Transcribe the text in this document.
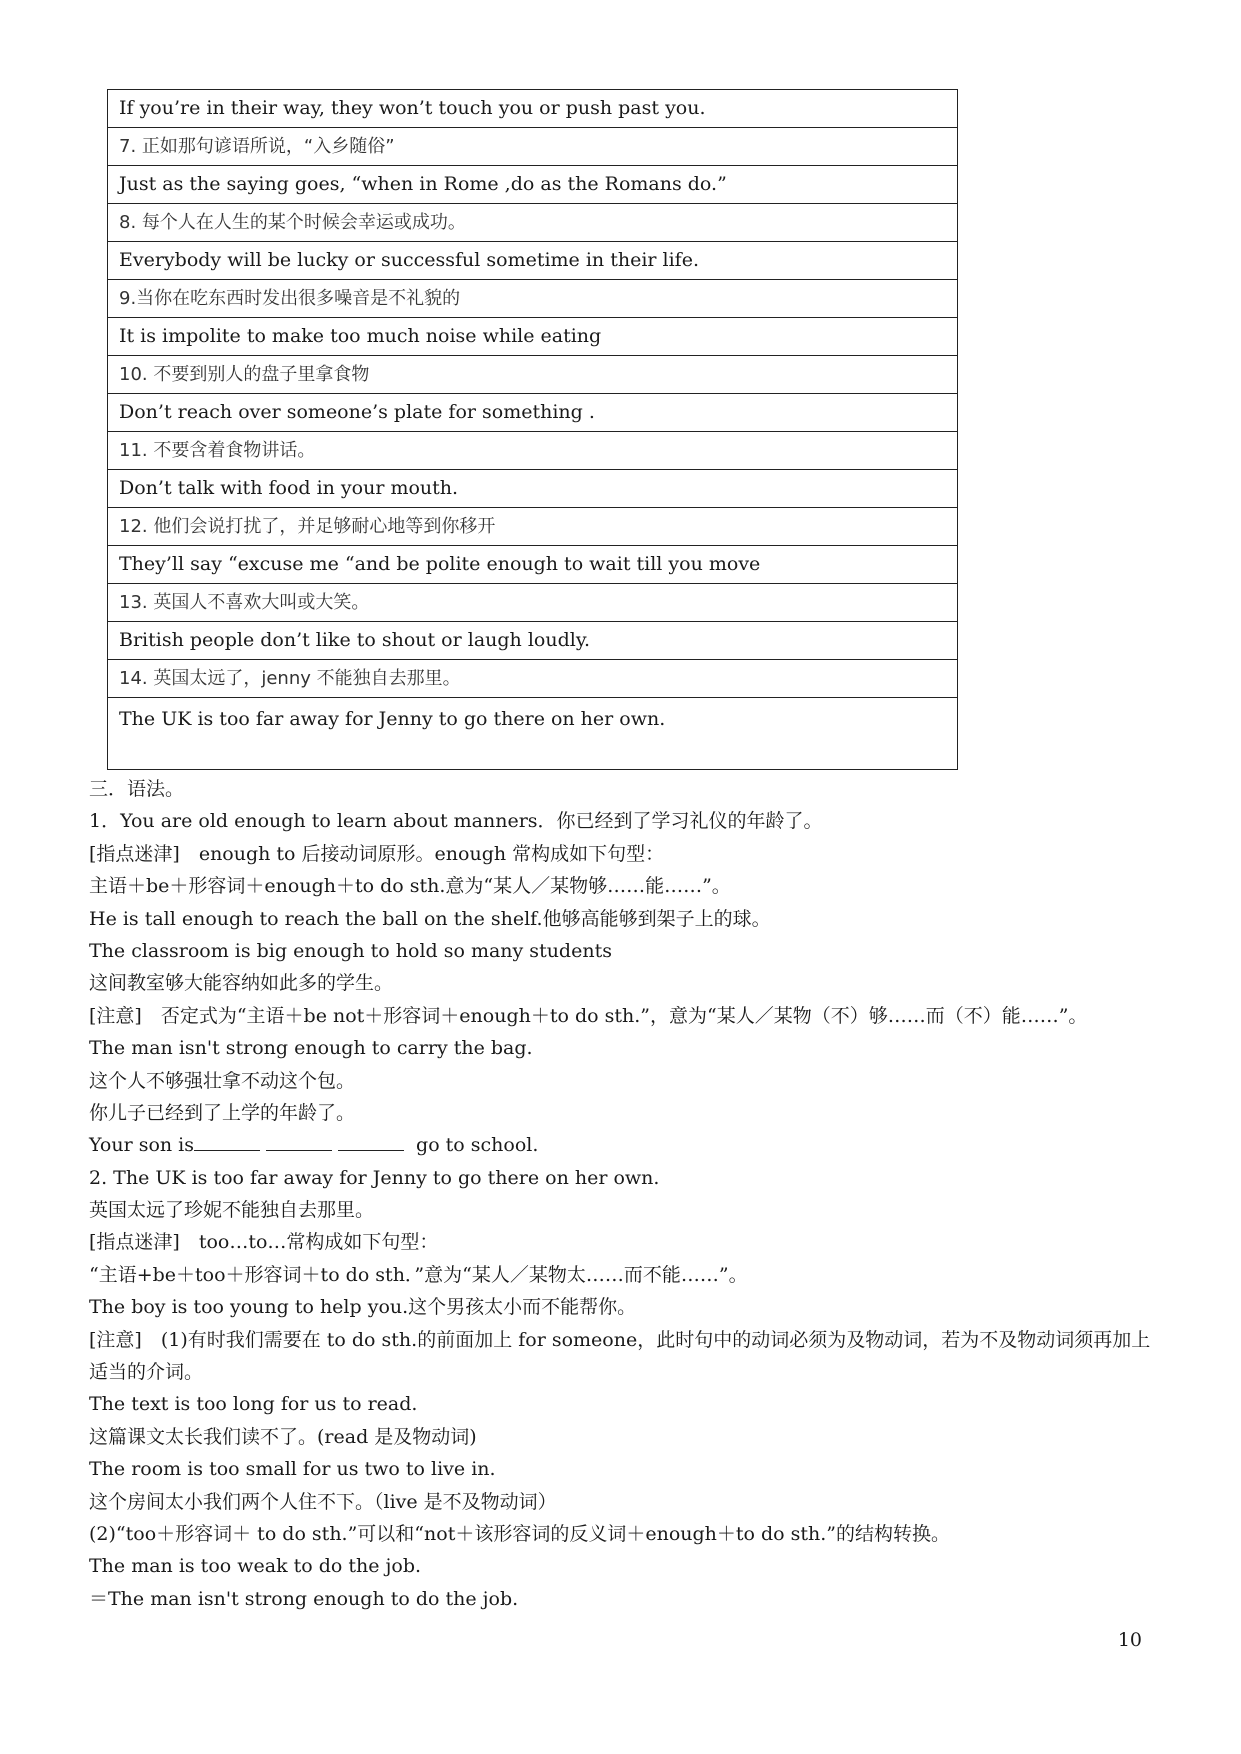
If you’re in their way, they won’t touch you or push past you.
7. 正如那句谚语所说，“入乡随俗”
Just as the saying goes, “when in Rome ,do as the Romans do.”
8. 每个人在人生的某个时候会幸运或成功。
Everybody will be lucky or successful sometime in their life.
9.当你在吃东西时发出很多噪音是不礼貌的
It is impolite to make too much noise while eating
10. 不要到别人的盘子里拿食物
Don’t reach over someone’s plate for something .
11. 不要含着食物讲话。
Don’t talk with food in your mouth.
12. 他们会说打扰了，并足够耐心地等到你移开
They’ll say “excuse me “and be polite enough to wait till you move
13. 英国人不喜欢大叫或大笑。
British people don’t like to shout or laugh loudly.
14. 英国太远了，jenny 不能独自去那里。
The UK is too far away for Jenny to go there on her own.
三．语法。
1．You are old enough to learn about manners．你已经到了学习礼仪的年龄了。
[指点迷津]　enough to 后接动词原形。enough 常构成如下句型：
主语＋be＋形容词＋enough＋to do sth.意为“某人／某物够……能……”。
He is tall enough to reach the ball on the shelf.他够高能够到架子上的球。
The classroom is big enough to hold so many students
这间教室够大能容纳如此多的学生。
[注意]　否定式为“主语＋be not＋形容词＋enough＋to do sth.”，意为“某人／某物（不）够……而（不）能……”。
The man isn't strong enough to carry the bag.
这个人不够强壮拿不动这个包。
你儿子已经到了上学的年龄了。
Your son is	go to school.
2. The UK is too far away for Jenny to go there on her own.
英国太远了珍妮不能独自去那里。
[指点迷津]　too…to…常构成如下句型：
“主语+be＋too＋形容词＋to do sth．”意为“某人／某物太……而不能……”。
The boy is too young to help you.这个男孩太小而不能帮你。
[注意]　(1)有时我们需要在 to do sth.的前面加上 for someone，此时句中的动词必须为及物动词，若为不及物动词须再加上适当的介词。
The text is too long for us to read.
这篇课文太长我们读不了。(read 是及物动词)
The room is too small for us two to live in.
这个房间太小我们两个人住不下。（live 是不及物动词）
(2)“too＋形容词＋ to do sth.”可以和“not＋该形容词的反义词＋enough＋to do sth.”的结构转换。
The man is too weak to do the job.
＝The man isn't strong enough to do the job.
10
